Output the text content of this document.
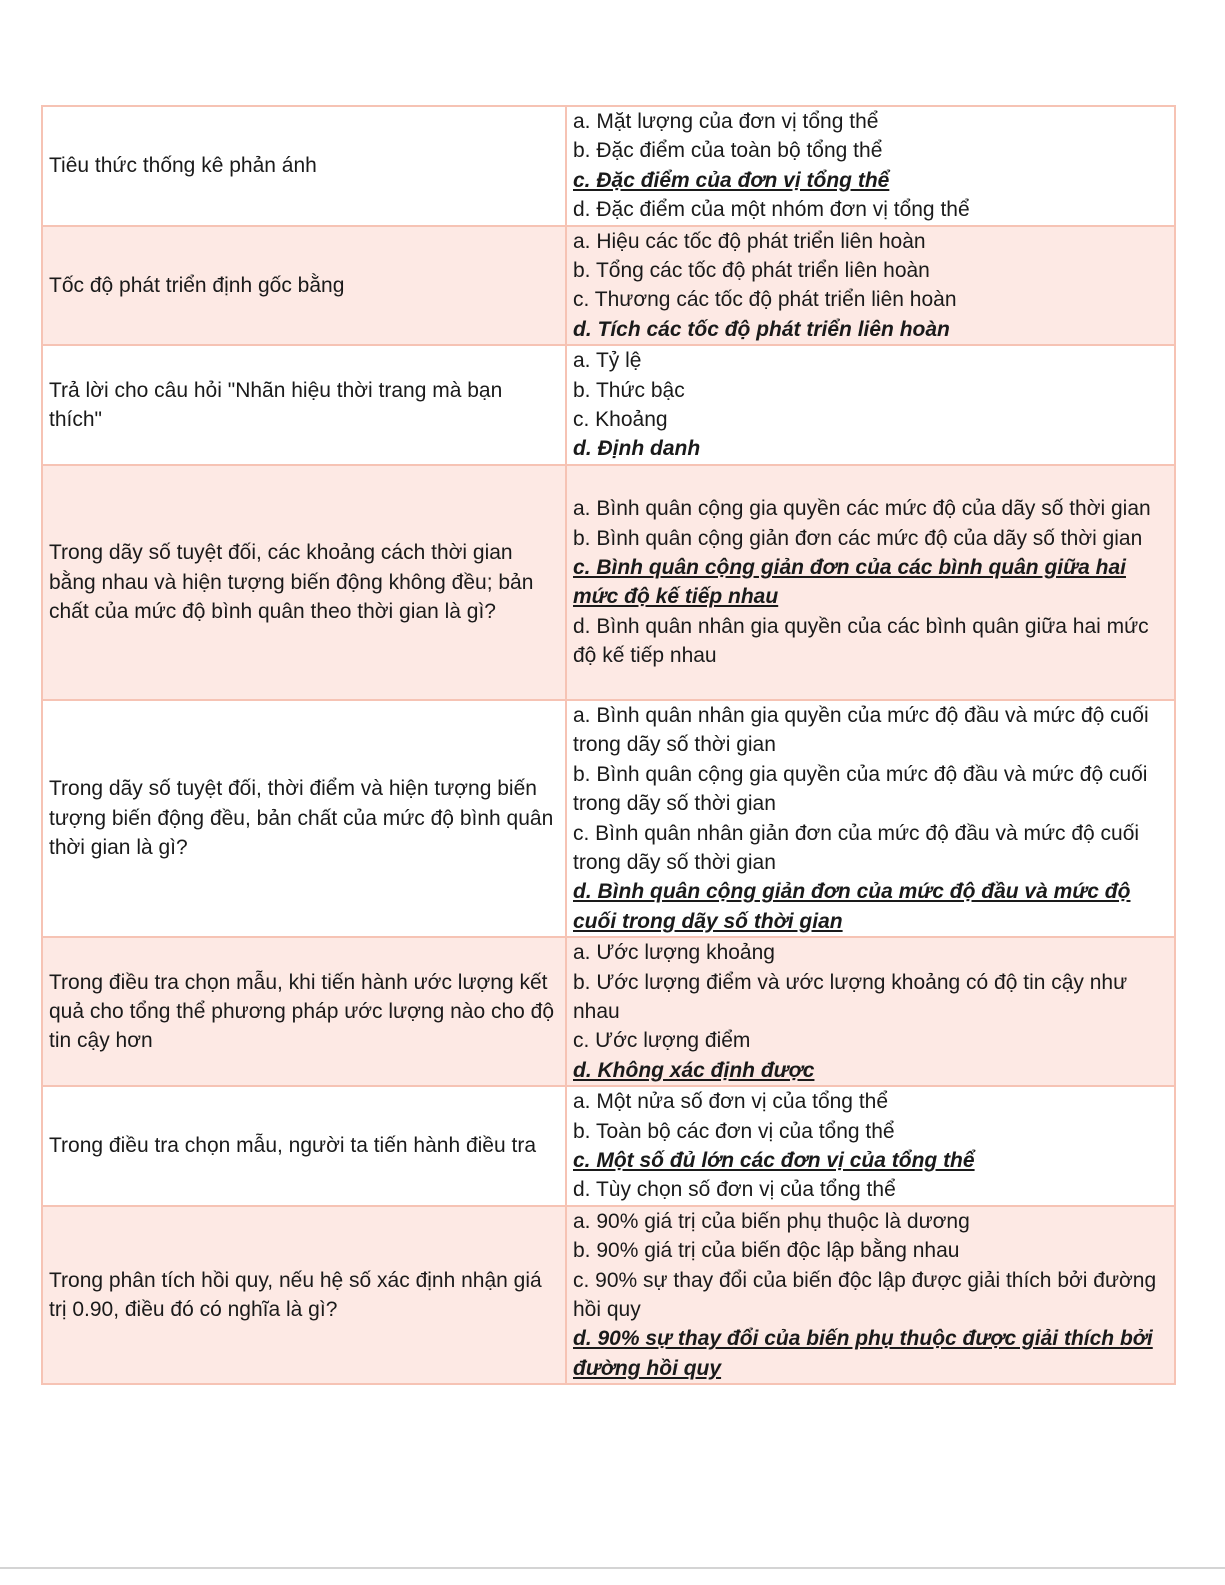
Tiêu thức thống kê phản ánh	a. Mặt lượng của đơn vị tổng thể
b. Đặc điểm của toàn bộ tổng thể
c. Đặc điểm của đơn vị tổng thể
d. Đặc điểm của một nhóm đơn vị tổng thể

Tốc độ phát triển định gốc bằng	a. Hiệu các tốc độ phát triển liên hoàn
b. Tổng các tốc độ phát triển liên hoàn
c. Thương các tốc độ phát triển liên hoàn
d. Tích các tốc độ phát triển liên hoàn

Trả lời cho câu hỏi "Nhãn hiệu thời trang mà bạn thích"	a. Tỷ lệ
b. Thức bậc
c. Khoảng
d. Định danh

Trong dãy số tuyệt đối, các khoảng cách thời gian bằng nhau và hiện tượng biến động không đều; bản chất của mức độ bình quân theo thời gian là gì?	a. Bình quân cộng gia quyền các mức độ của dãy số thời gian
b. Bình quân cộng giản đơn các mức độ của dãy số thời gian
c. Bình quân cộng giản đơn của các bình quân giữa hai mức độ kế tiếp nhau
d. Bình quân nhân gia quyền của các bình quân giữa hai mức độ kế tiếp nhau

Trong dãy số tuyệt đối, thời điểm và hiện tượng biến tượng biến động đều, bản chất của mức độ bình quân thời gian là gì?	a. Bình quân nhân gia quyền của mức độ đầu và mức độ cuối trong dãy số thời gian
b. Bình quân cộng gia quyền của mức độ đầu và mức độ cuối trong dãy số thời gian
c. Bình quân nhân giản đơn của mức độ đầu và mức độ cuối trong dãy số thời gian
d. Bình quân cộng giản đơn của mức độ đầu và mức độ cuối trong dãy số thời gian

Trong điều tra chọn mẫu, khi tiến hành ước lượng kết quả cho tổng thể phương pháp ước lượng nào cho độ tin cậy hơn	a. Ước lượng khoảng
b. Ước lượng điểm và ước lượng khoảng có độ tin cậy như nhau
c. Ước lượng điểm
d. Không xác định được

Trong điều tra chọn mẫu, người ta tiến hành điều tra	a. Một nửa số đơn vị của tổng thể
b. Toàn bộ các đơn vị của tổng thể
c. Một số đủ lớn các đơn vị của tổng thể
d. Tùy chọn số đơn vị của tổng thể

Trong phân tích hồi quy, nếu hệ số xác định nhận giá trị 0.90, điều đó có nghĩa là gì?	a. 90% giá trị của biến phụ thuộc là dương
b. 90% giá trị của biến độc lập bằng nhau
c. 90% sự thay đổi của biến độc lập được giải thích bởi đường hồi quy
d. 90% sự thay đổi của biến phụ thuộc được giải thích bởi đường hồi quy
